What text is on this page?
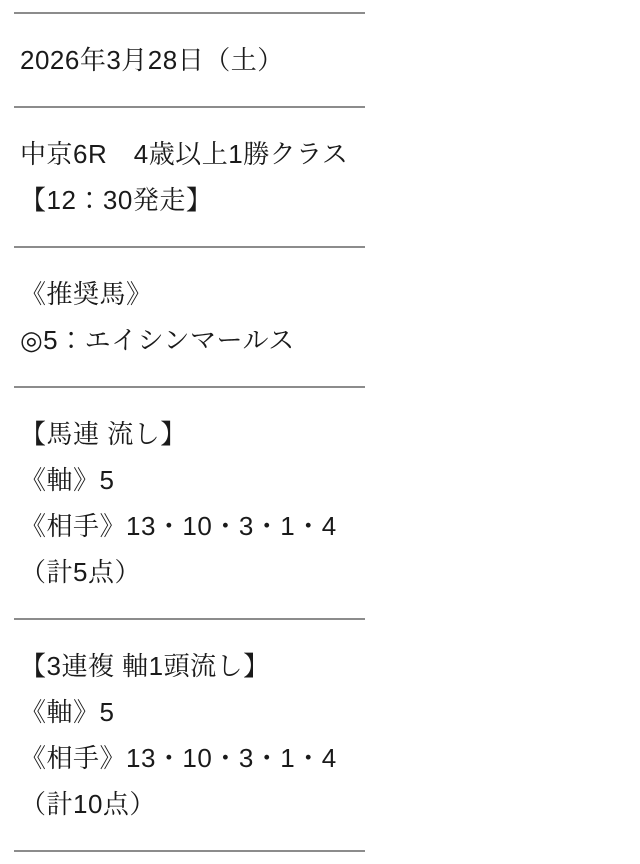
2026年3月28日（土）

中京6R　4歳以上1勝クラス

【12：30発走】

《推奨馬》

◎5：エイシンマールス

【馬連 流し】

《軸》5

《相手》13・10・3・1・4

（計5点）

【3連複 軸1頭流し】

《軸》5

《相手》13・10・3・1・4

（計10点）
